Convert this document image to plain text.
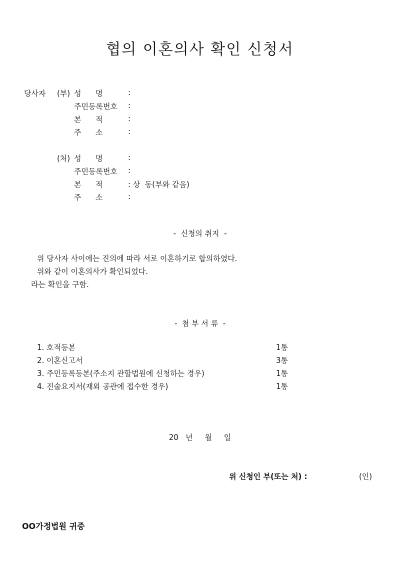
협의 이혼의사 확인 신청서
당사자 (부) 성      명	:
주민등록번호 :
본      적	:
주      소	:
(처) 성      명	:
주민등록번호 :
본      적	: 상  동(부와 같음)
주      소	:
-  신청의 취지  -
위 당사자 사이에는 진의에 따라 서로 이혼하기로 합의하였다.
위와 같이 이혼의사가 확인되었다.
라는 확인을 구함.
-  첨 부 서 류  -
1. 호적등본	1통
2. 이혼신고서	3통
3. 주민등록등본(주소지 관할법원에 신청하는 경우)	1통
4. 진술요지서(재외 공관에 접수한 경우)	1통
20   년     월     일
위 신청인 부(또는 처) :	(인)
OO가정법원 귀중
